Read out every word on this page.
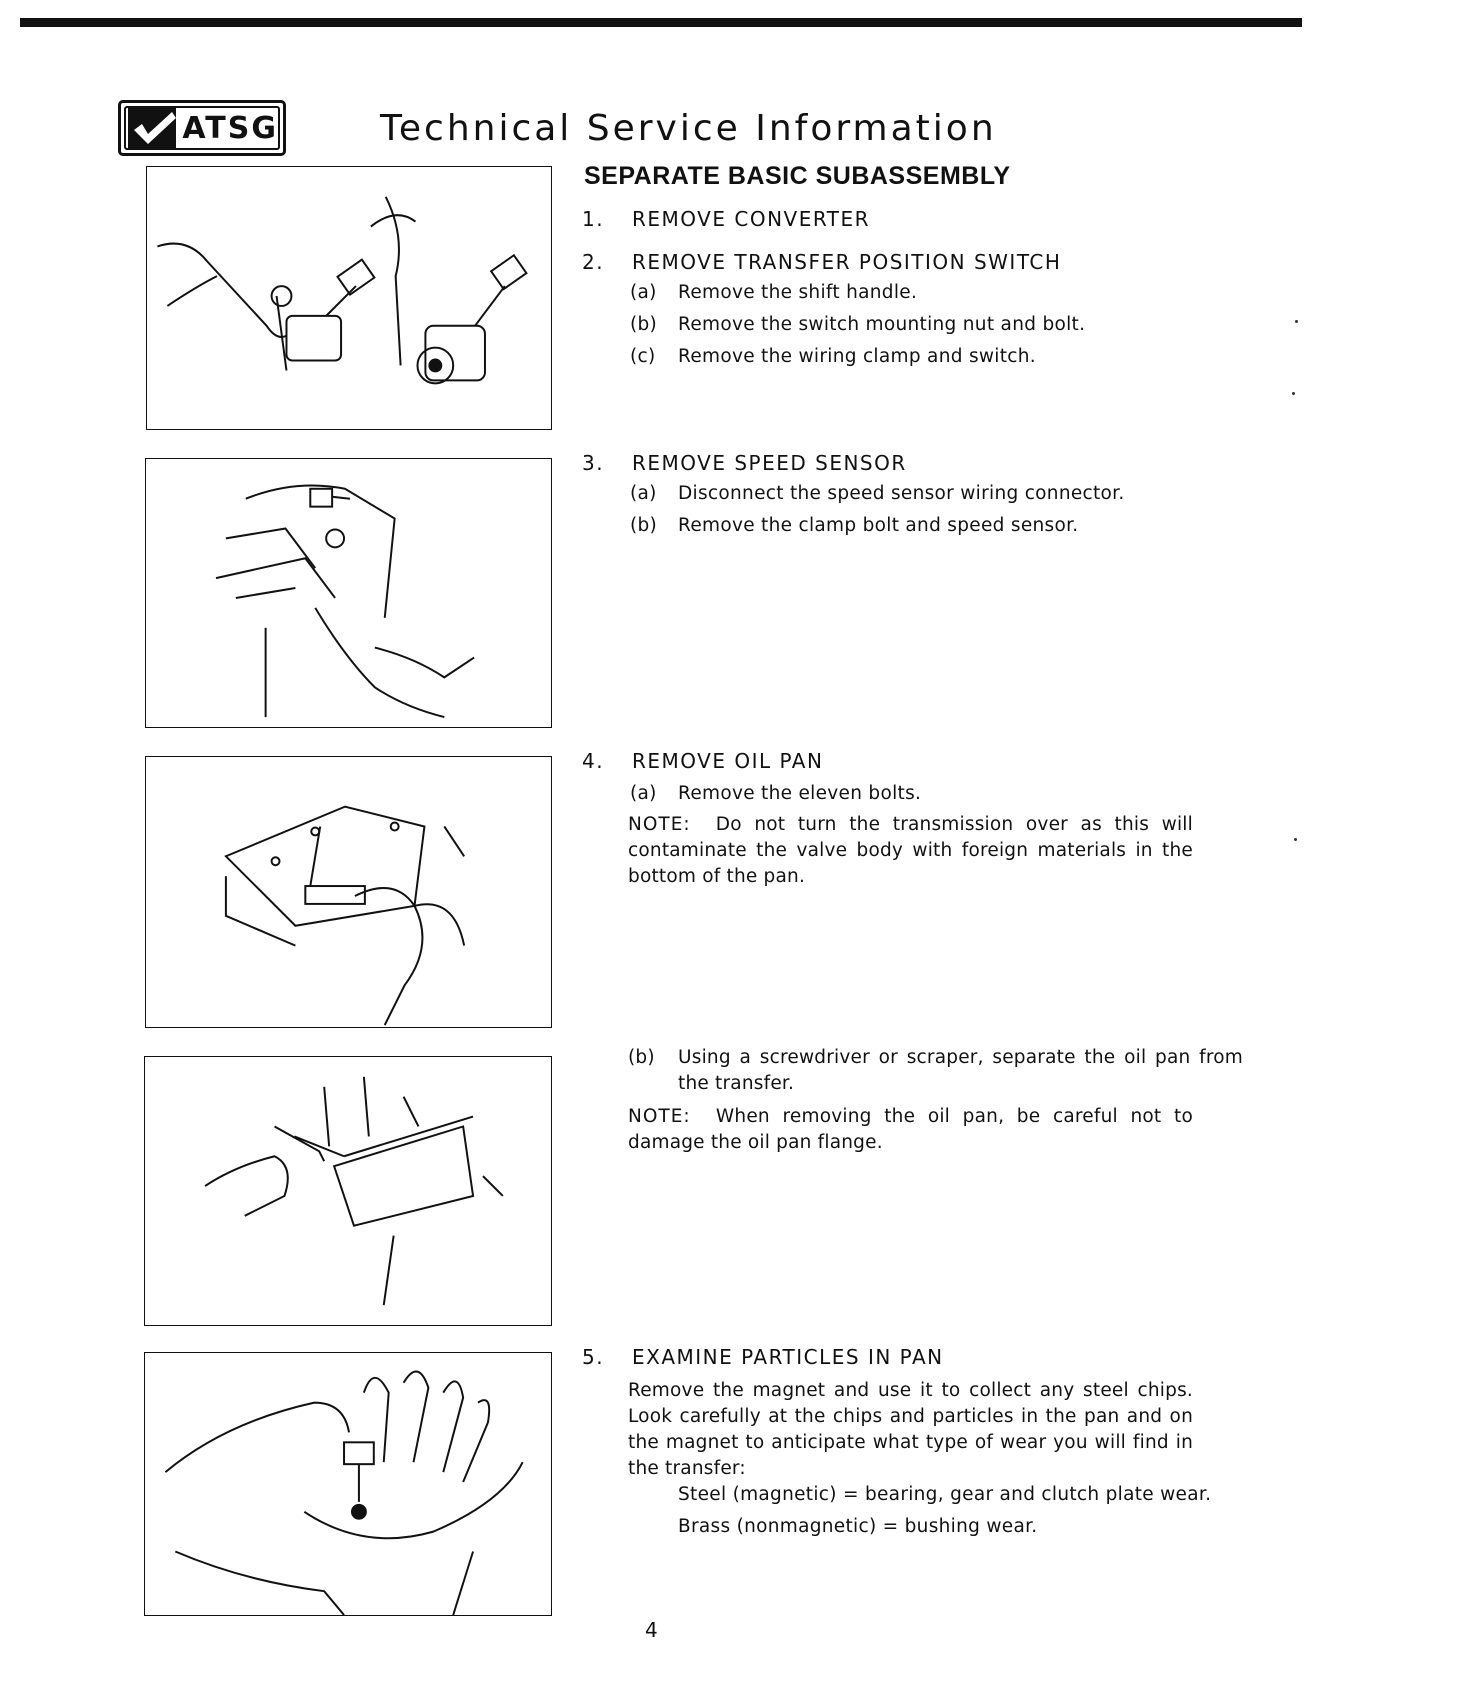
ATSG	Technical Service Information
SEPARATE BASIC SUBASSEMBLY
1. REMOVE CONVERTER
2. REMOVE TRANSFER POSITION SWITCH
(a) Remove the shift handle.
(b) Remove the switch mounting nut and bolt.
(c) Remove the wiring clamp and switch.
3. REMOVE SPEED SENSOR
(a) Disconnect the speed sensor wiring connector.
(b) Remove the clamp bolt and speed sensor.
4. REMOVE OIL PAN
(a) Remove the eleven bolts.
NOTE: Do not turn the transmission over as this will contaminate the valve body with foreign materials in the bottom of the pan.
(b) Using a screwdriver or scraper, separate the oil pan from the transfer.
NOTE: When removing the oil pan, be careful not to damage the oil pan flange.
5. EXAMINE PARTICLES IN PAN
Remove the magnet and use it to collect any steel chips. Look carefully at the chips and particles in the pan and on the magnet to anticipate what type of wear you will find in the transfer:
Steel (magnetic) = bearing, gear and clutch plate wear.
Brass (nonmagnetic) = bushing wear.
4
